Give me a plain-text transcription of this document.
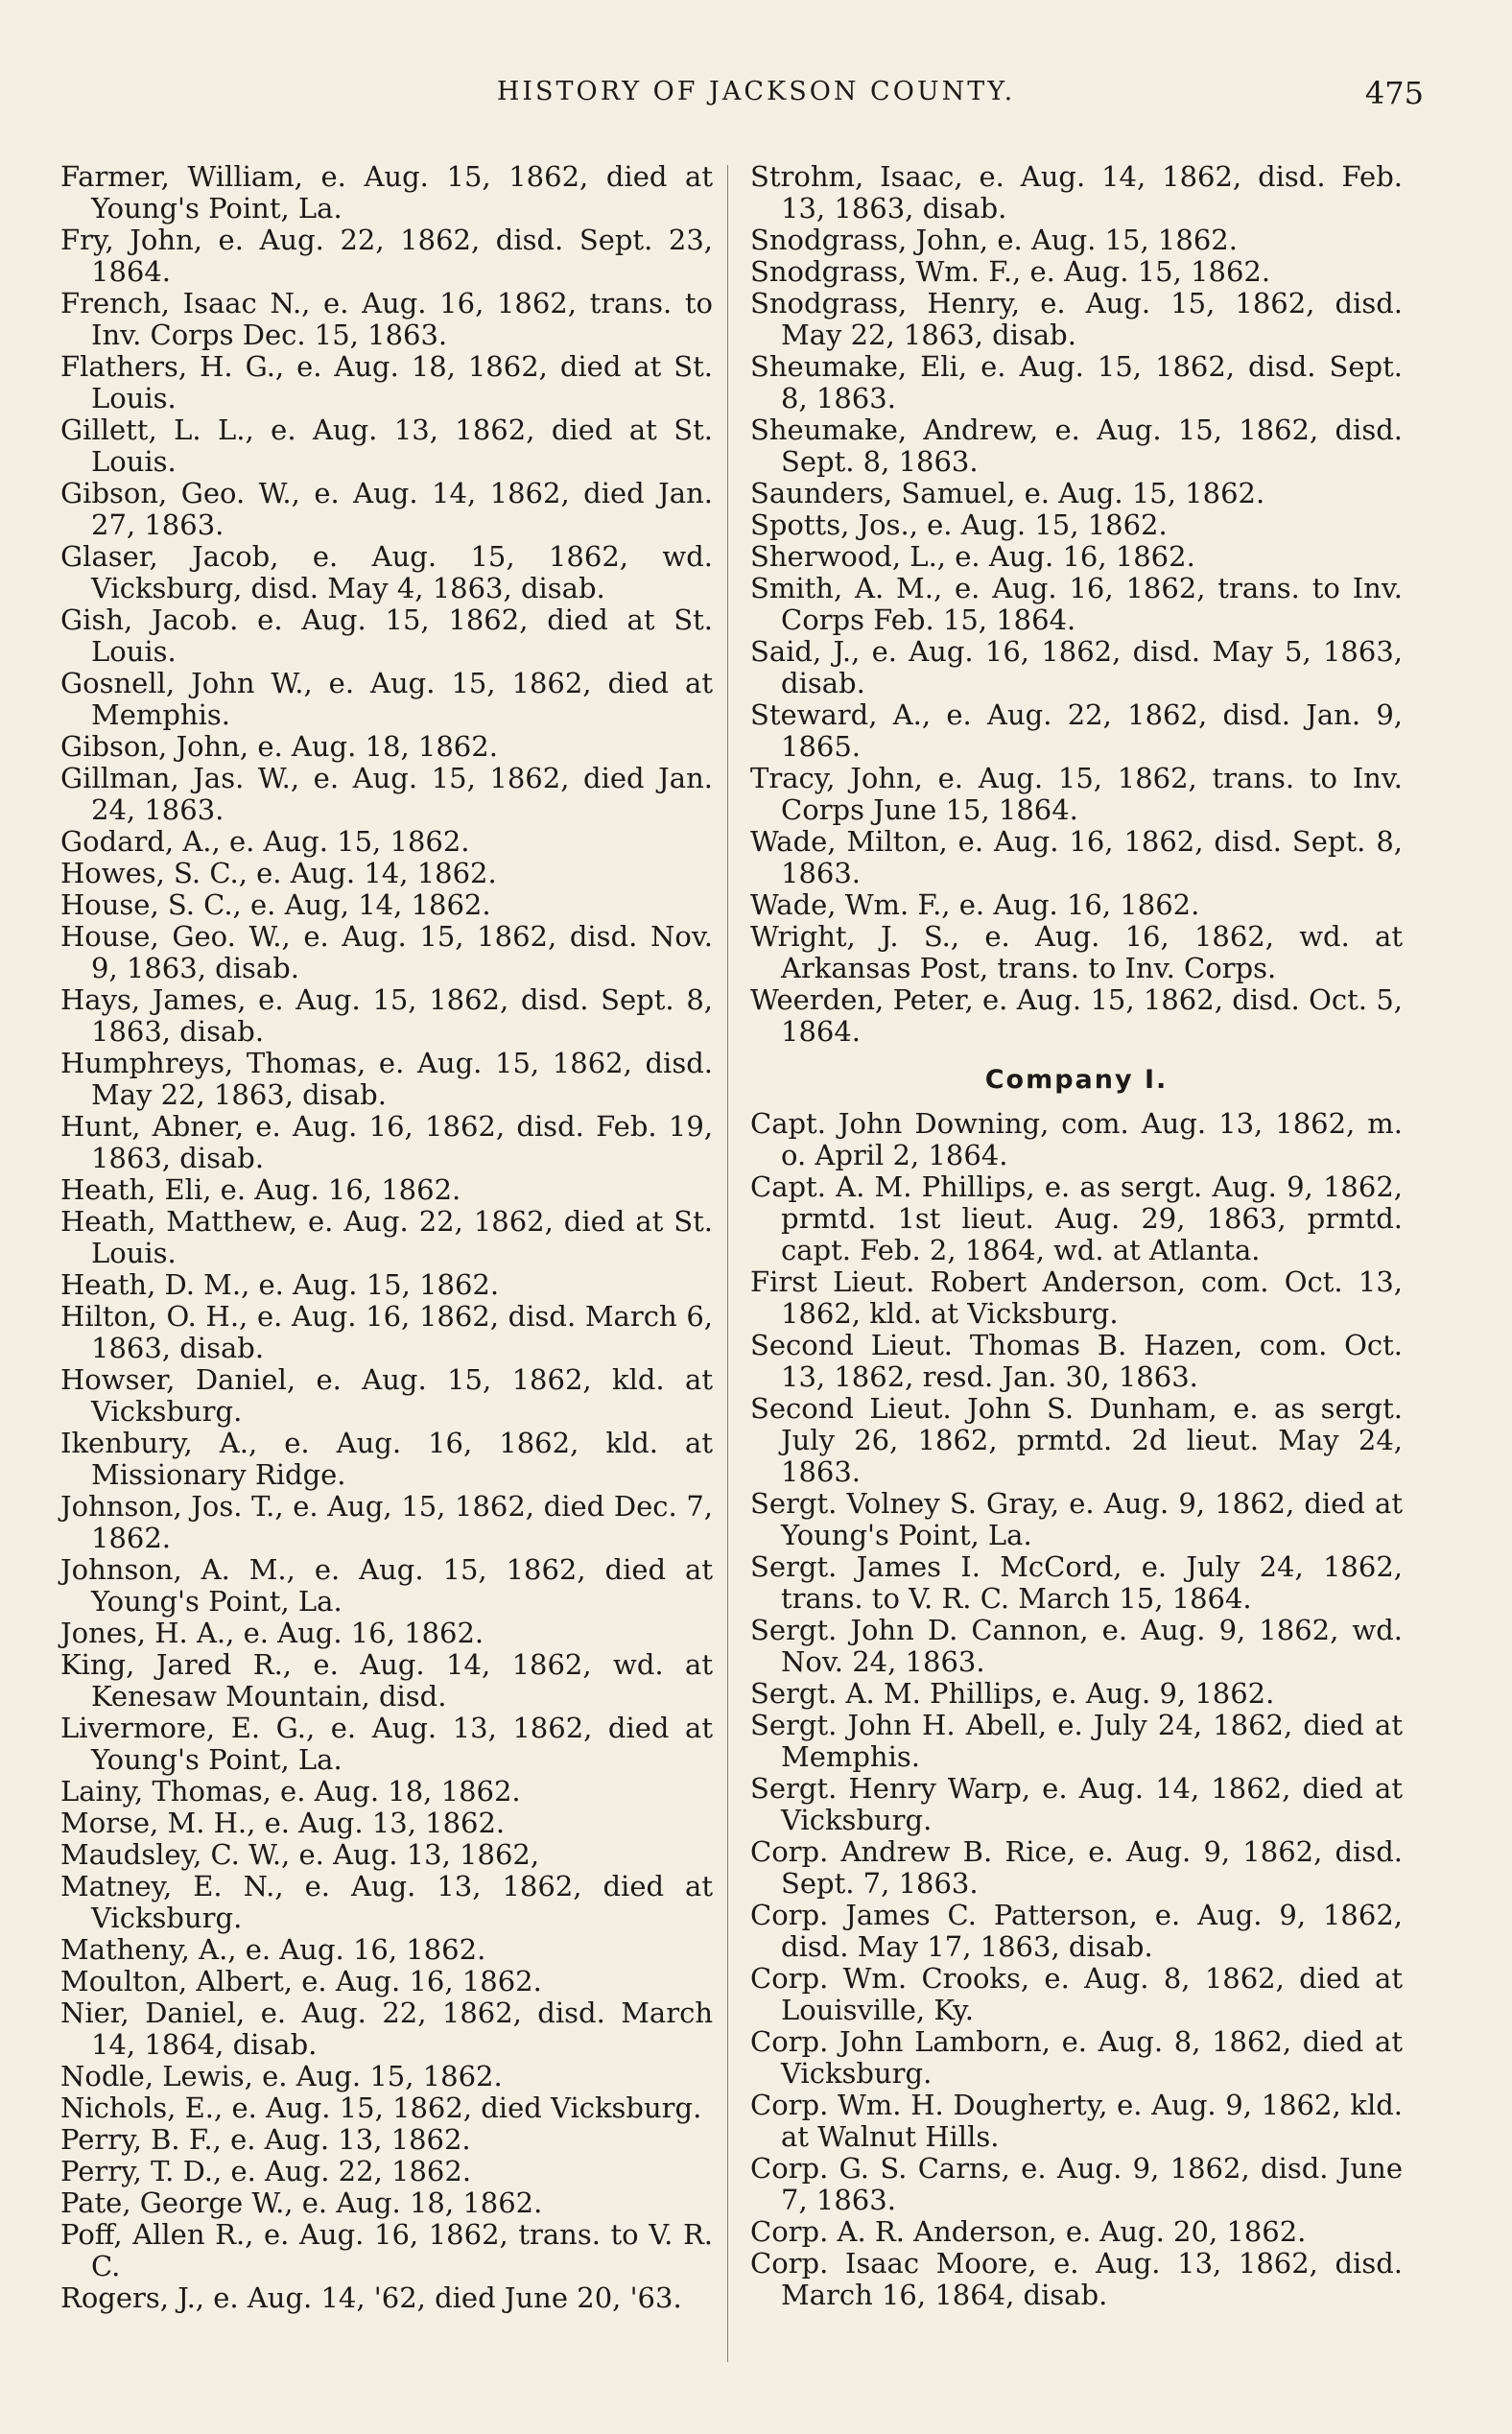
HISTORY OF JACKSON COUNTY.	475
Farmer, William, e. Aug. 15, 1862, died at Young's Point, La.
Fry, John, e. Aug. 22, 1862, disd. Sept. 23, 1864.
French, Isaac N., e. Aug. 16, 1862, trans. to Inv. Corps Dec. 15, 1863.
Flathers, H. G., e. Aug. 18, 1862, died at St. Louis.
Gillett, L. L., e. Aug. 13, 1862, died at St. Louis.
Gibson, Geo. W., e. Aug. 14, 1862, died Jan. 27, 1863.
Glaser, Jacob, e. Aug. 15, 1862, wd. Vicksburg, disd. May 4, 1863, disab.
Gish, Jacob. e. Aug. 15, 1862, died at St. Louis.
Gosnell, John W., e. Aug. 15, 1862, died at Memphis.
Gibson, John, e. Aug. 18, 1862.
Gillman, Jas. W., e. Aug. 15, 1862, died Jan. 24, 1863.
Godard, A., e. Aug. 15, 1862.
Howes, S. C., e. Aug. 14, 1862.
House, S. C., e. Aug, 14, 1862.
House, Geo. W., e. Aug. 15, 1862, disd. Nov. 9, 1863, disab.
Hays, James, e. Aug. 15, 1862, disd. Sept. 8, 1863, disab.
Humphreys, Thomas, e. Aug. 15, 1862, disd. May 22, 1863, disab.
Hunt, Abner, e. Aug. 16, 1862, disd. Feb. 19, 1863, disab.
Heath, Eli, e. Aug. 16, 1862.
Heath, Matthew, e. Aug. 22, 1862, died at St. Louis.
Heath, D. M., e. Aug. 15, 1862.
Hilton, O. H., e. Aug. 16, 1862, disd. March 6, 1863, disab.
Howser, Daniel, e. Aug. 15, 1862, kld. at Vicksburg.
Ikenbury, A., e. Aug. 16, 1862, kld. at Missionary Ridge.
Johnson, Jos. T., e. Aug, 15, 1862, died Dec. 7, 1862.
Johnson, A. M., e. Aug. 15, 1862, died at Young's Point, La.
Jones, H. A., e. Aug. 16, 1862.
King, Jared R., e. Aug. 14, 1862, wd. at Kenesaw Mountain, disd.
Livermore, E. G., e. Aug. 13, 1862, died at Young's Point, La.
Lainy, Thomas, e. Aug. 18, 1862.
Morse, M. H., e. Aug. 13, 1862.
Maudsley, C. W., e. Aug. 13, 1862,
Matney, E. N., e. Aug. 13, 1862, died at Vicksburg.
Matheny, A., e. Aug. 16, 1862.
Moulton, Albert, e. Aug. 16, 1862.
Nier, Daniel, e. Aug. 22, 1862, disd. March 14, 1864, disab.
Nodle, Lewis, e. Aug. 15, 1862.
Nichols, E., e. Aug. 15, 1862, died Vicksburg.
Perry, B. F., e. Aug. 13, 1862.
Perry, T. D., e. Aug. 22, 1862.
Pate, George W., e. Aug. 18, 1862.
Poff, Allen R., e. Aug. 16, 1862, trans. to V. R. C.
Rogers, J., e. Aug. 14, '62, died June 20, '63.
Strohm, Isaac, e. Aug. 14, 1862, disd. Feb. 13, 1863, disab.
Snodgrass, John, e. Aug. 15, 1862.
Snodgrass, Wm. F., e. Aug. 15, 1862.
Snodgrass, Henry, e. Aug. 15, 1862, disd. May 22, 1863, disab.
Sheumake, Eli, e. Aug. 15, 1862, disd. Sept. 8, 1863.
Sheumake, Andrew, e. Aug. 15, 1862, disd. Sept. 8, 1863.
Saunders, Samuel, e. Aug. 15, 1862.
Spotts, Jos., e. Aug. 15, 1862.
Sherwood, L., e. Aug. 16, 1862.
Smith, A. M., e. Aug. 16, 1862, trans. to Inv. Corps Feb. 15, 1864.
Said, J., e. Aug. 16, 1862, disd. May 5, 1863, disab.
Steward, A., e. Aug. 22, 1862, disd. Jan. 9, 1865.
Tracy, John, e. Aug. 15, 1862, trans. to Inv. Corps June 15, 1864.
Wade, Milton, e. Aug. 16, 1862, disd. Sept. 8, 1863.
Wade, Wm. F., e. Aug. 16, 1862.
Wright, J. S., e. Aug. 16, 1862, wd. at Arkansas Post, trans. to Inv. Corps.
Weerden, Peter, e. Aug. 15, 1862, disd. Oct. 5, 1864.
Company I.
Capt. John Downing, com. Aug. 13, 1862, m. o. April 2, 1864.
Capt. A. M. Phillips, e. as sergt. Aug. 9, 1862, prmtd. 1st lieut. Aug. 29, 1863, prmtd. capt. Feb. 2, 1864, wd. at Atlanta.
First Lieut. Robert Anderson, com. Oct. 13, 1862, kld. at Vicksburg.
Second Lieut. Thomas B. Hazen, com. Oct. 13, 1862, resd. Jan. 30, 1863.
Second Lieut. John S. Dunham, e. as sergt. July 26, 1862, prmtd. 2d lieut. May 24, 1863.
Sergt. Volney S. Gray, e. Aug. 9, 1862, died at Young's Point, La.
Sergt. James I. McCord, e. July 24, 1862, trans. to V. R. C. March 15, 1864.
Sergt. John D. Cannon, e. Aug. 9, 1862, wd. Nov. 24, 1863.
Sergt. A. M. Phillips, e. Aug. 9, 1862.
Sergt. John H. Abell, e. July 24, 1862, died at Memphis.
Sergt. Henry Warp, e. Aug. 14, 1862, died at Vicksburg.
Corp. Andrew B. Rice, e. Aug. 9, 1862, disd. Sept. 7, 1863.
Corp. James C. Patterson, e. Aug. 9, 1862, disd. May 17, 1863, disab.
Corp. Wm. Crooks, e. Aug. 8, 1862, died at Louisville, Ky.
Corp. John Lamborn, e. Aug. 8, 1862, died at Vicksburg.
Corp. Wm. H. Dougherty, e. Aug. 9, 1862, kld. at Walnut Hills.
Corp. G. S. Carns, e. Aug. 9, 1862, disd. June 7, 1863.
Corp. A. R. Anderson, e. Aug. 20, 1862.
Corp. Isaac Moore, e. Aug. 13, 1862, disd. March 16, 1864, disab.
